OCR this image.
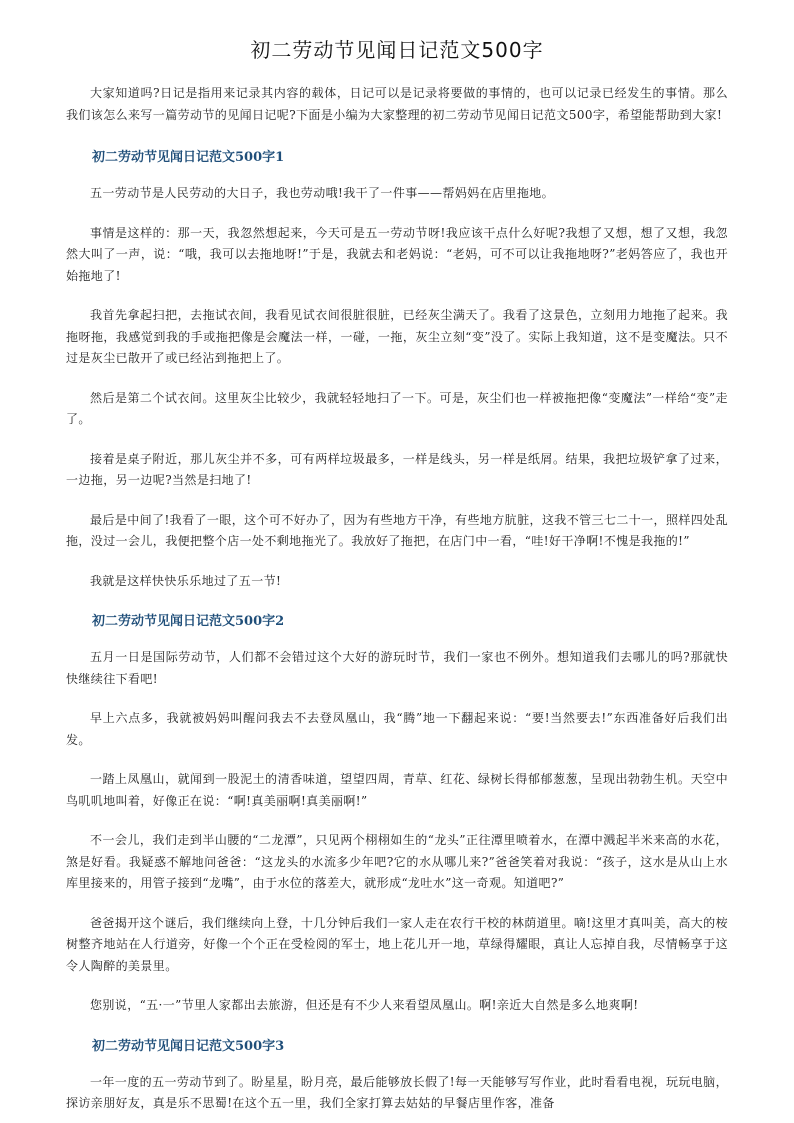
初二劳动节见闻日记范文500字

大家知道吗?日记是指用来记录其内容的载体，日记可以是记录将要做的事情的，也可以记录已经发生的事情。那么我们该怎么来写一篇劳动节的见闻日记呢?下面是小编为大家整理的初二劳动节见闻日记范文500字，希望能帮助到大家!

初二劳动节见闻日记范文500字1

五一劳动节是人民劳动的大日子，我也劳动哦!我干了一件事——帮妈妈在店里拖地。

事情是这样的：那一天，我忽然想起来，今天可是五一劳动节呀!我应该干点什么好呢?我想了又想，想了又想，我忽然大叫了一声，说：“哦，我可以去拖地呀!”于是，我就去和老妈说：“老妈，可不可以让我拖地呀?”老妈答应了，我也开始拖地了!

我首先拿起扫把，去拖试衣间，我看见试衣间很脏很脏，已经灰尘满天了。我看了这景色，立刻用力地拖了起来。我拖呀拖，我感觉到我的手或拖把像是会魔法一样，一碰，一拖，灰尘立刻“变”没了。实际上我知道，这不是变魔法。只不过是灰尘已散开了或已经沾到拖把上了。

然后是第二个试衣间。这里灰尘比较少，我就轻轻地扫了一下。可是，灰尘们也一样被拖把像“变魔法”一样给“变”走了。

接着是桌子附近，那儿灰尘并不多，可有两样垃圾最多，一样是线头，另一样是纸屑。结果，我把垃圾铲拿了过来，一边拖，另一边呢?当然是扫地了!

最后是中间了!我看了一眼，这个可不好办了，因为有些地方干净，有些地方肮脏，这我不管三七二十一，照样四处乱拖，没过一会儿，我便把整个店一处不剩地拖光了。我放好了拖把，在店门中一看，“哇!好干净啊!不愧是我拖的!”

我就是这样快快乐乐地过了五一节!

初二劳动节见闻日记范文500字2

五月一日是国际劳动节，人们都不会错过这个大好的游玩时节，我们一家也不例外。想知道我们去哪儿的吗?那就快快继续往下看吧!

早上六点多，我就被妈妈叫醒问我去不去登凤凰山，我“腾”地一下翻起来说：“要!当然要去!”东西准备好后我们出发。

一踏上凤凰山，就闻到一股泥土的清香味道，望望四周，青草、红花、绿树长得郁郁葱葱，呈现出勃勃生机。天空中鸟叽叽地叫着，好像正在说：“啊!真美丽啊!真美丽啊!”

不一会儿，我们走到半山腰的“二龙潭”，只见两个栩栩如生的“龙头”正往潭里喷着水，在潭中溅起半米来高的水花，煞是好看。我疑惑不解地问爸爸：“这龙头的水流多少年吧?它的水从哪儿来?”爸爸笑着对我说：“孩子，这水是从山上水库里接来的，用管子接到“龙嘴”，由于水位的落差大，就形成“龙吐水”这一奇观。知道吧?”

爸爸揭开这个谜后，我们继续向上登，十几分钟后我们一家人走在农行干校的林荫道里。嘀!这里才真叫美，高大的桉树整齐地站在人行道旁，好像一个个正在受检阅的军士，地上花儿开一地，草绿得耀眼，真让人忘掉自我，尽情畅享于这令人陶醉的美景里。

您别说，“五·一”节里人家都出去旅游，但还是有不少人来看望凤凰山。啊!亲近大自然是多么地爽啊!

初二劳动节见闻日记范文500字3

一年一度的五一劳动节到了。盼星星，盼月亮，最后能够放长假了!每一天能够写写作业，此时看看电视，玩玩电脑，探访亲朋好友，真是乐不思蜀!在这个五一里，我们全家打算去姑姑的早餐店里作客，准备
